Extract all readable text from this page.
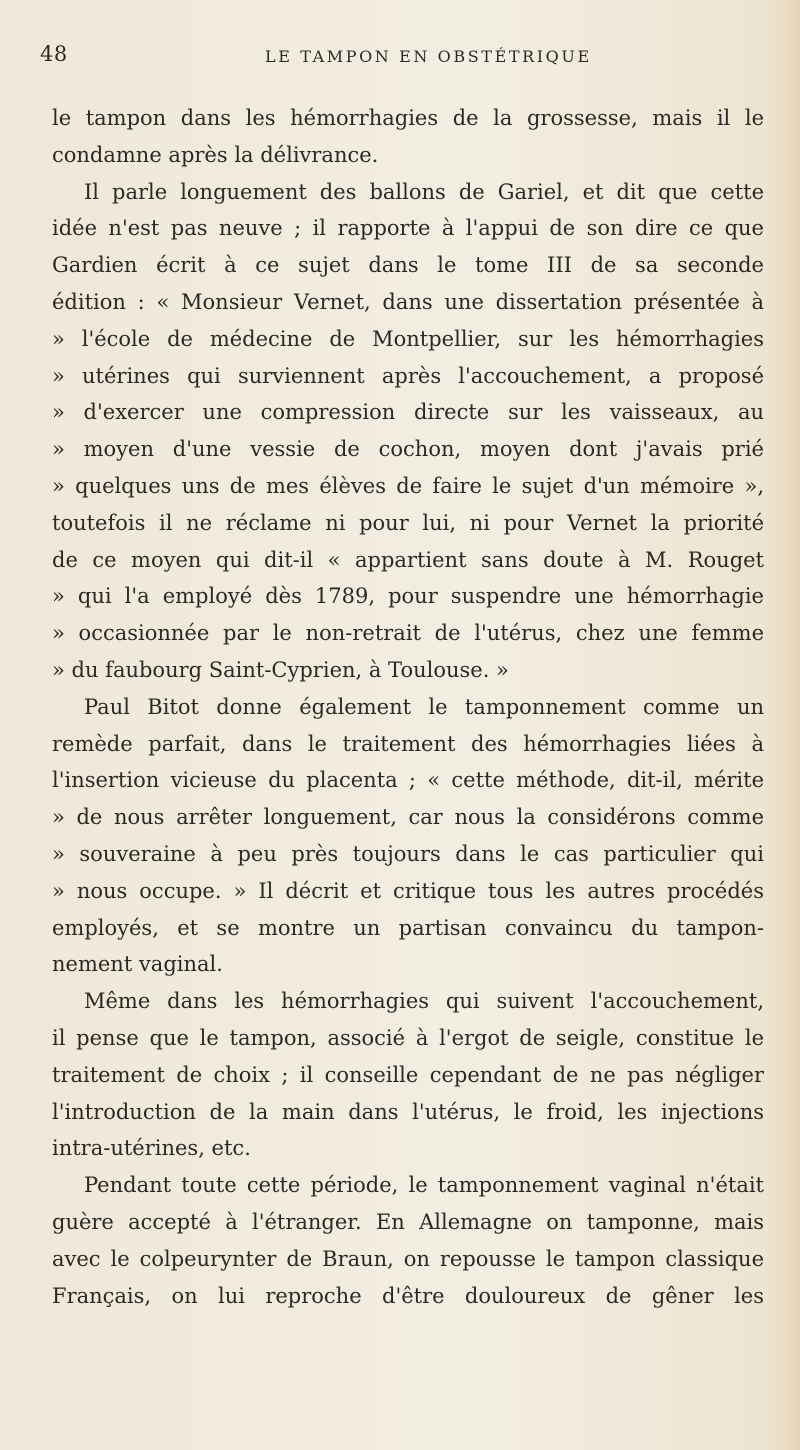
48	LE TAMPON EN OBSTÉTRIQUE
le tampon dans les hémorrhagies de la grossesse, mais il le
condamne après la délivrance.
Il parle longuement des ballons de Gariel, et dit que cette
idée n'est pas neuve ; il rapporte à l'appui de son dire ce que
Gardien écrit à ce sujet dans le tome III de sa seconde
édition : « Monsieur Vernet, dans une dissertation présentée à
» l'école de médecine de Montpellier, sur les hémorrhagies
» utérines qui surviennent après l'accouchement, a proposé
» d'exercer une compression directe sur les vaisseaux, au
» moyen d'une vessie de cochon, moyen dont j'avais prié
» quelques uns de mes élèves de faire le sujet d'un mémoire »,
toutefois il ne réclame ni pour lui, ni pour Vernet la priorité
de ce moyen qui dit-il « appartient sans doute à M. Rouget
» qui l'a employé dès 1789, pour suspendre une hémorrhagie
» occasionnée par le non-retrait de l'utérus, chez une femme
» du faubourg Saint-Cyprien, à Toulouse. »
Paul Bitot donne également le tamponnement comme un
remède parfait, dans le traitement des hémorrhagies liées à
l'insertion vicieuse du placenta ; « cette méthode, dit-il, mérite
» de nous arrêter longuement, car nous la considérons comme
» souveraine à peu près toujours dans le cas particulier qui
» nous occupe. » Il décrit et critique tous les autres procédés
employés, et se montre un partisan convaincu du tampon-
nement vaginal.
Même dans les hémorrhagies qui suivent l'accouchement,
il pense que le tampon, associé à l'ergot de seigle, constitue le
traitement de choix ; il conseille cependant de ne pas négliger
l'introduction de la main dans l'utérus, le froid, les injections
intra-utérines, etc.
Pendant toute cette période, le tamponnement vaginal n'était
guère accepté à l'étranger. En Allemagne on tamponne, mais
avec le colpeurynter de Braun, on repousse le tampon classique
Français, on lui reproche d'être douloureux de gêner les
